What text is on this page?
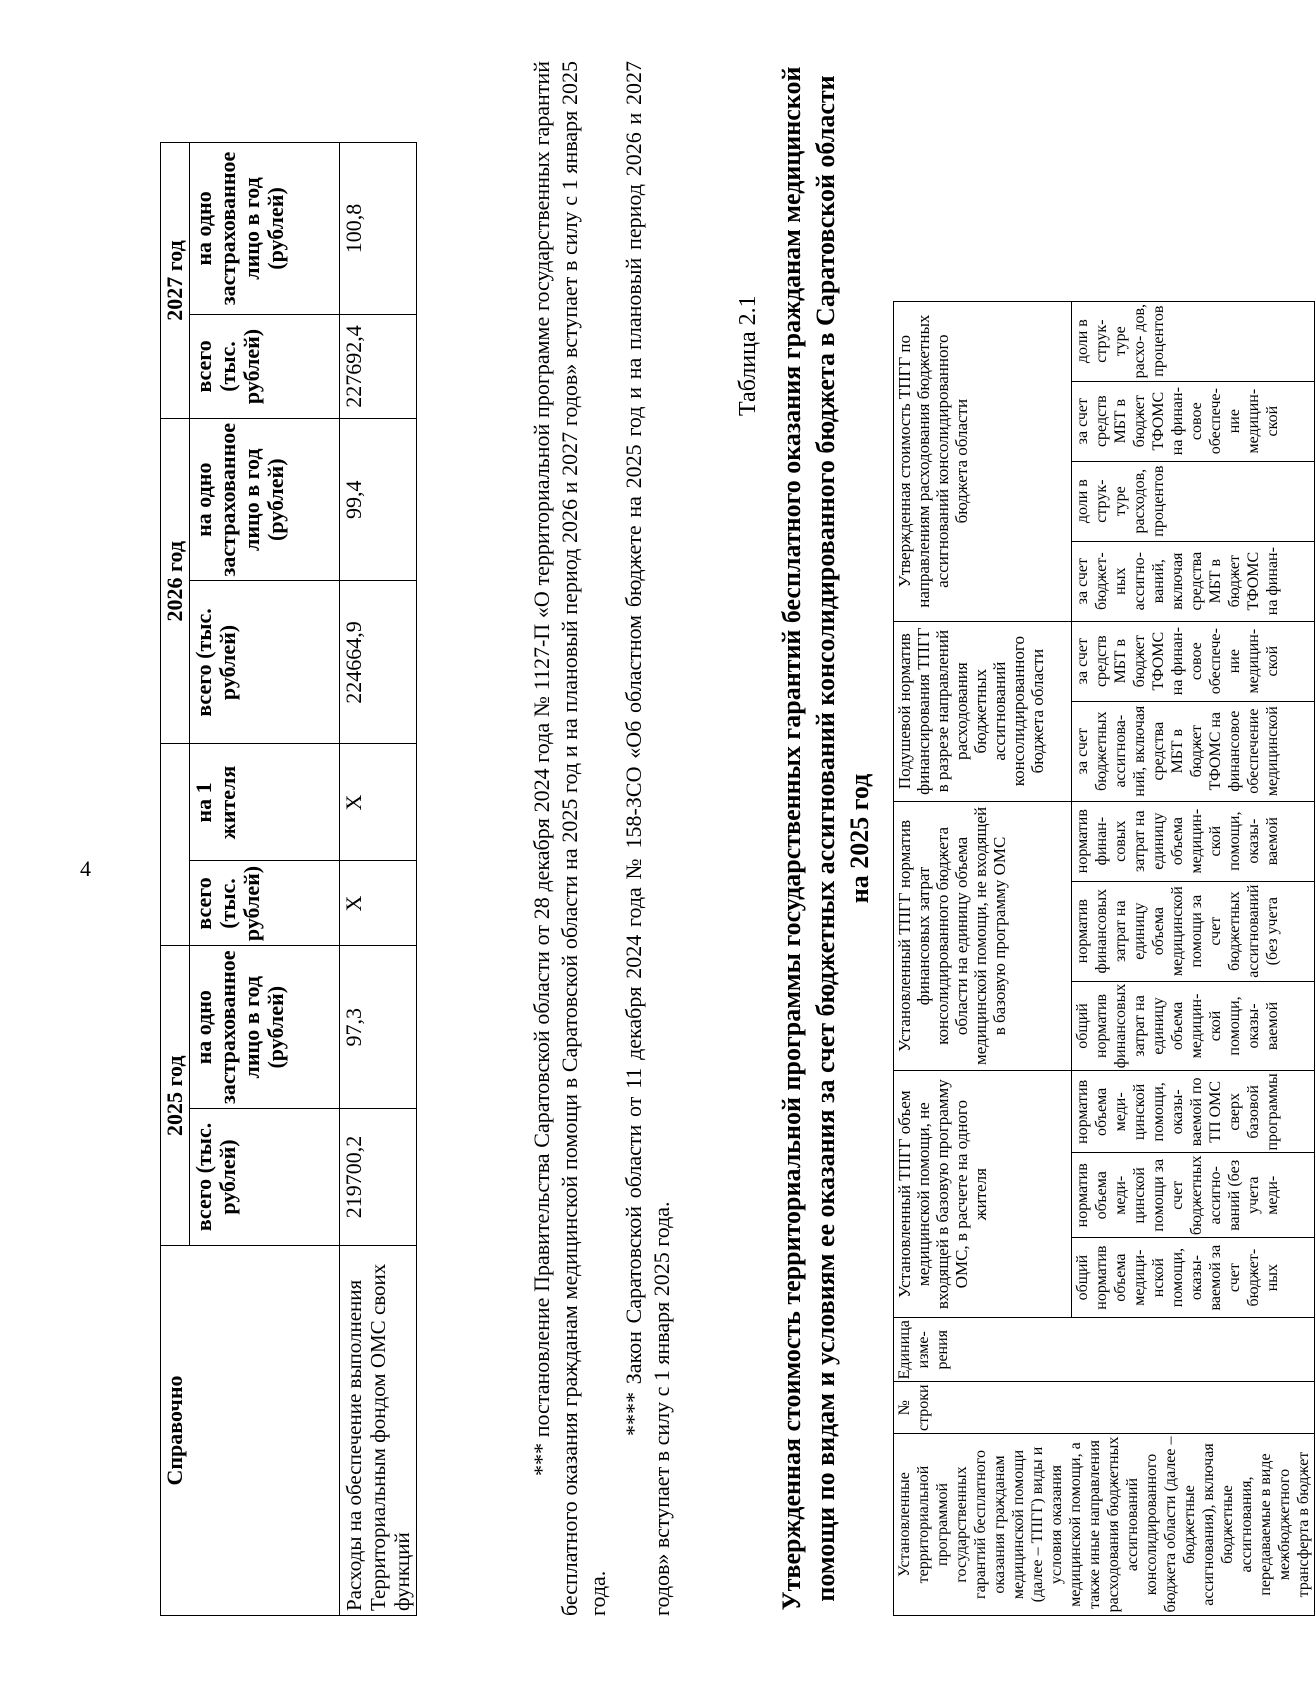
4
Справочно	2025 год				2026 год		2027 год	
	всего (тыс. рублей)	на одно застрахованное лицо в год (рублей)	всего (тыс. рублей)	на 1 жителя	всего (тыс. рублей)	на одно застрахованное лицо в год (рублей)	всего (тыс. рублей)	на одно застрахованное лицо в год (рублей)
Расходы на обеспечение выполнения Территориальным фондом ОМС своих функций	219700,2	97,3	X	X	224664,9	99,4	227692,4	100,8	*** постановление Правительства Саратовской области от 28 декабря 2024 года № 1127-П «О территориальной программе государственных гарантий бесплатного оказания гражданам медицинской помощи в Саратовской области на 2025 год и на плановый период 2026 и 2027 годов» вступает в силу с 1 января 2025 года.
**** Закон Саратовской области от 11 декабря 2024 года № 158-ЗСО «Об областном бюджете на 2025 год и на плановый период 2026 и 2027 годов» вступает в силу с 1 января 2025 года.
Таблица 2.1 Утвержденная стоимость территориальной программы государственных гарантий бесплатного оказания гражданам медицинской помощи по видам и условиям ее оказания за счет бюджетных ассигнований консолидированного бюджета в Саратовской области на 2025 год
Установленные территориальной программой государственных гарантий бесплатного оказания гражданам медицинской помощи (далее – ТПГГ) виды и условия оказания медицинской помощи, а также иные направления расходования бюджетных ассигнований консолидированного бюджета области (далее – бюджетные ассигнования), включая бюджетные ассигнования, передаваемые в виде межбюджетного трансферта в бюджет	№ строки	Единица изме- рения	Установленный ТПГГ объем медицинской помощи, не входящей в базовую программу ОМС, в расчете на одного жителя			Установленный ТПГГ норматив финансовых затрат консолидированного бюджета области на единицу объема медицинской помощи, не входящей в базовую программу ОМС			Подушевой норматив финансирования ТПГГ в разрезе направлений расходования бюджетных ассигнований консолидированного бюджета области		Утвержденная стоимость ТПГГ по направлениям расходования бюджетных ассигнований консолидированного бюджета области			
			общий норматив объема медици- нской помощи, оказы- ваемой за счет бюджет- ных	норматив объема меди- цинской помощи за счет бюджетных ассигно- ваний (без учета меди-	норматив объема меди- цинской помощи, оказы- ваемой по ТП ОМС сверх базовой программы	общий норматив финансовых затрат на единицу объема медицин- ской помощи, оказы- ваемой	норматив финансовых затрат на единицу объема медицинской помощи за счет бюджетных ассигнований (без учета	норматив финан- совых затрат на единицу объема медицин- ской помощи, оказы- ваемой	за счет бюджетных ассигнова- ний, включая средства МБТ в бюджет ТФОМС на финансовое обеспечение медицинской	за счет средств МБТ в бюджет ТФОМС на финан- совое обеспече- ние медицин- ской	за счет бюджет- ных ассигно- ваний, включая средства МБТ в бюджет ТФОМС на финан-	доли в струк- туре расходов, процентов	за счет средств МБТ в бюджет ТФОМС на финан- совое обеспече- ние медицин- ской	доли в струк- туре расхо- дов, процентов
